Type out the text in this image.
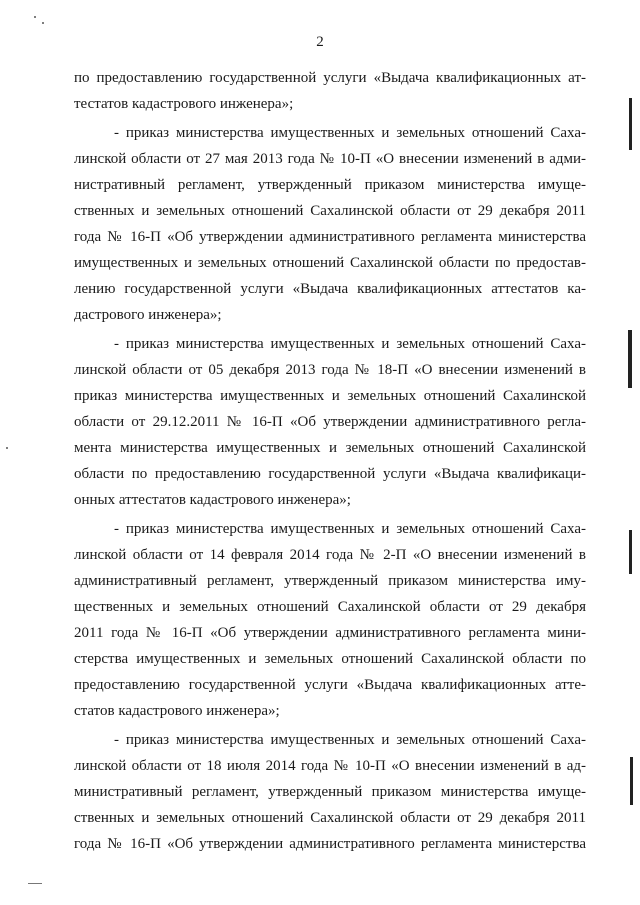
2
по предоставлению государственной услуги «Выдача квалификационных ат-
тестатов кадастрового инженера»;
- приказ министерства имущественных и земельных отношений Саха-
линской области от 27 мая 2013 года № 10-П «О внесении изменений в адми-
нистративный регламент, утвержденный приказом министерства имуще-
ственных и земельных отношений Сахалинской области от 29 декабря 2011
года № 16-П «Об утверждении административного регламента министерства
имущественных и земельных отношений Сахалинской области по предостав-
лению государственной услуги «Выдача квалификационных аттестатов ка-
дастрового инженера»;
- приказ министерства имущественных и земельных отношений Саха-
линской области от 05 декабря 2013 года № 18-П «О внесении изменений в
приказ министерства имущественных и земельных отношений Сахалинской
области от 29.12.2011 № 16-П «Об утверждении административного регла-
мента министерства имущественных и земельных отношений Сахалинской
области по предоставлению государственной услуги «Выдача квалификаци-
онных аттестатов кадастрового инженера»;
- приказ министерства имущественных и земельных отношений Саха-
линской области от 14 февраля 2014 года № 2-П «О внесении изменений в
административный регламент, утвержденный приказом министерства иму-
щественных и земельных отношений Сахалинской области от 29 декабря
2011 года № 16-П «Об утверждении административного регламента мини-
стерства имущественных и земельных отношений Сахалинской области по
предоставлению государственной услуги «Выдача квалификационных атте-
статов кадастрового инженера»;
- приказ министерства имущественных и земельных отношений Саха-
линской области от 18 июля 2014 года № 10-П «О внесении изменений в ад-
министративный регламент, утвержденный приказом министерства имуще-
ственных и земельных отношений Сахалинской области от 29 декабря 2011
года № 16-П «Об утверждении административного регламента министерства
